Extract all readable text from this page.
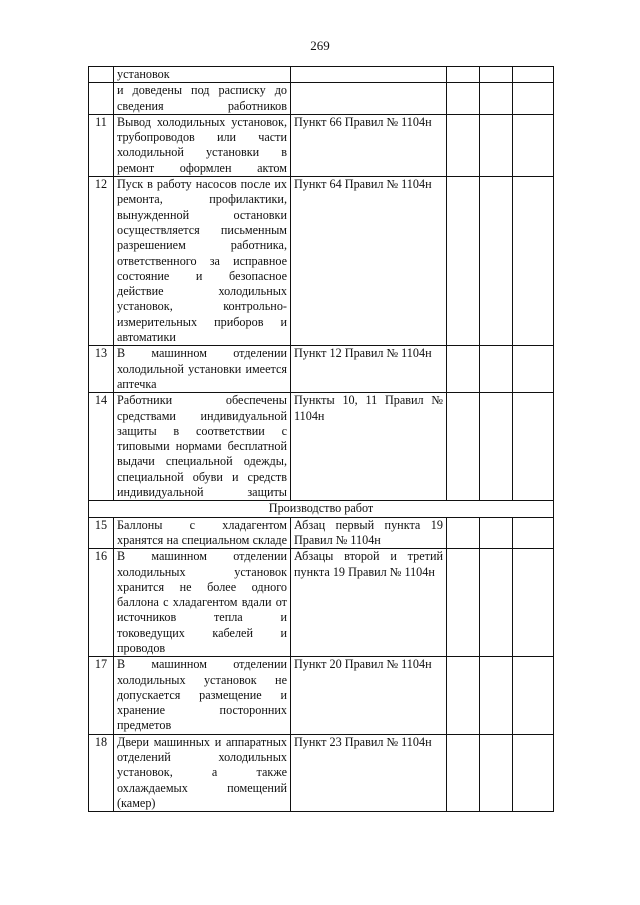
269
	установок				
	и доведены под расписку до сведения работников				
11	Вывод холодильных установок, трубопроводов или части холодильной установки в ремонт оформлен актом	Пункт 66 Правил № 1104н			
12	Пуск в работу насосов после их ремонта, профилактики, вынужденной остановки осуществляется письменным разрешением работника, ответственного за исправное состояние и безопасное действие холодильных установок, контрольно-измерительных приборов и автоматики	Пункт 64 Правил № 1104н			
13	В машинном отделении холодильной установки имеется аптечка	Пункт 12 Правил № 1104н			
14	Работники обеспечены средствами индивидуальной защиты в соответствии с типовыми нормами бесплатной выдачи специальной одежды, специальной обуви и средств индивидуальной защиты	Пункты 10, 11 Правил № 1104н			
Производство работ					
15	Баллоны с хладагентом хранятся на специальном складе	Абзац первый пункта 19 Правил № 1104н			
16	В машинном отделении холодильных установок хранится не более одного баллона с хладагентом вдали от источников тепла и токоведущих кабелей и проводов	Абзацы второй и третий пункта 19 Правил № 1104н			
17	В машинном отделении холодильных установок не допускается размещение и хранение посторонних предметов	Пункт 20 Правил № 1104н			
18	Двери машинных и аппаратных отделений холодильных установок, а также охлаждаемых помещений (камер)	Пункт 23 Правил № 1104н			
